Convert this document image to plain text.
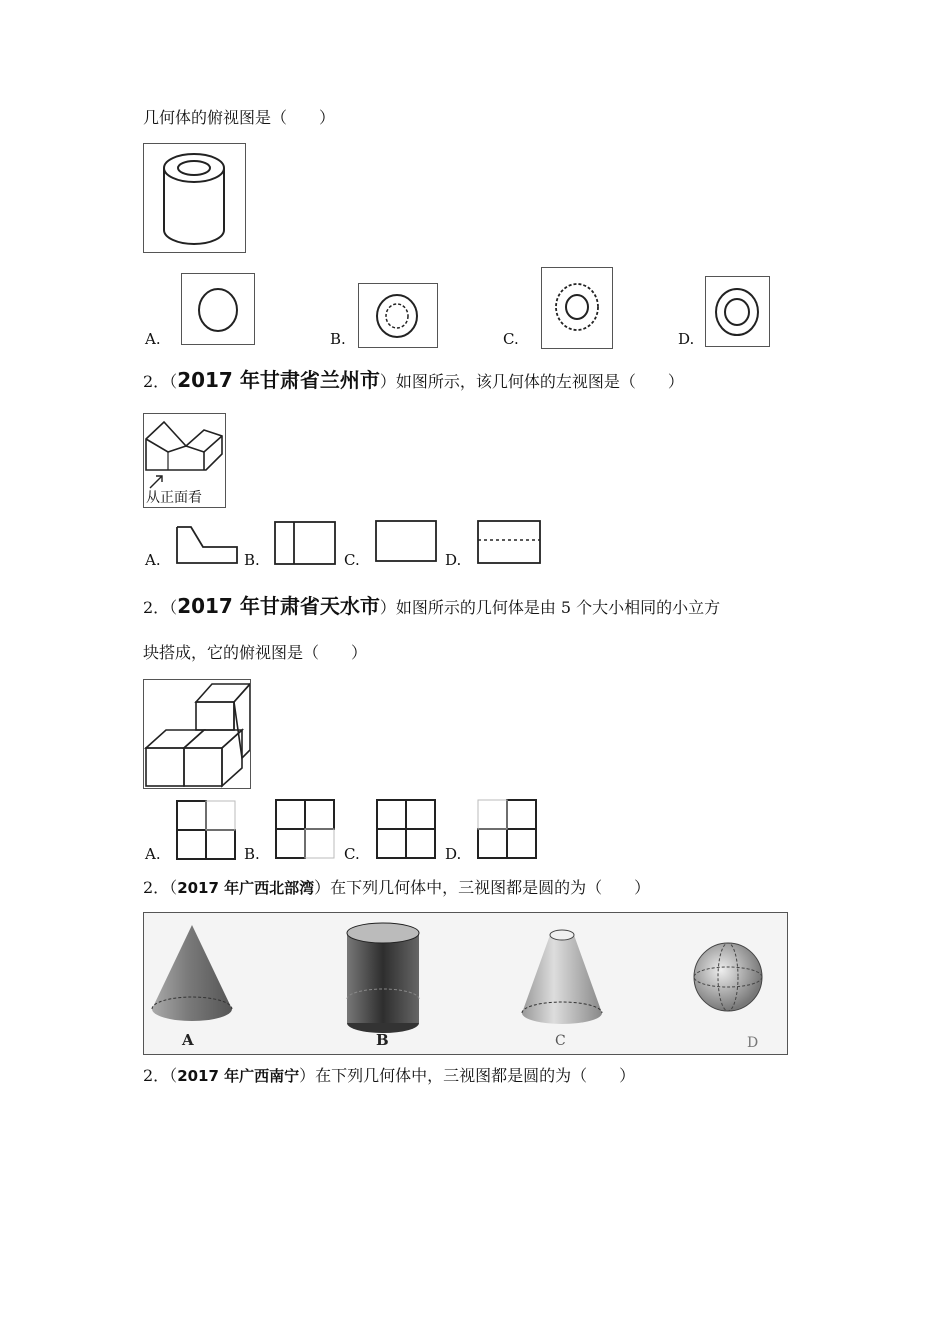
几何体的俯视图是（　　）
A.	B.	C.	D.
2．（2017 年甘肃省兰州市）如图所示，该几何体的左视图是（　　）
从正面看
A.	B.	C.	D.
2．（2017 年甘肃省天水市）如图所示的几何体是由 5 个大小相同的小立方
块搭成，它的俯视图是（　　）
A.	B.	C.	D.
2．（2017 年广西北部湾）在下列几何体中，三视图都是圆的为（　　）
A	B	C	D
2．（2017 年广西南宁）在下列几何体中，三视图都是圆的为（　　）
